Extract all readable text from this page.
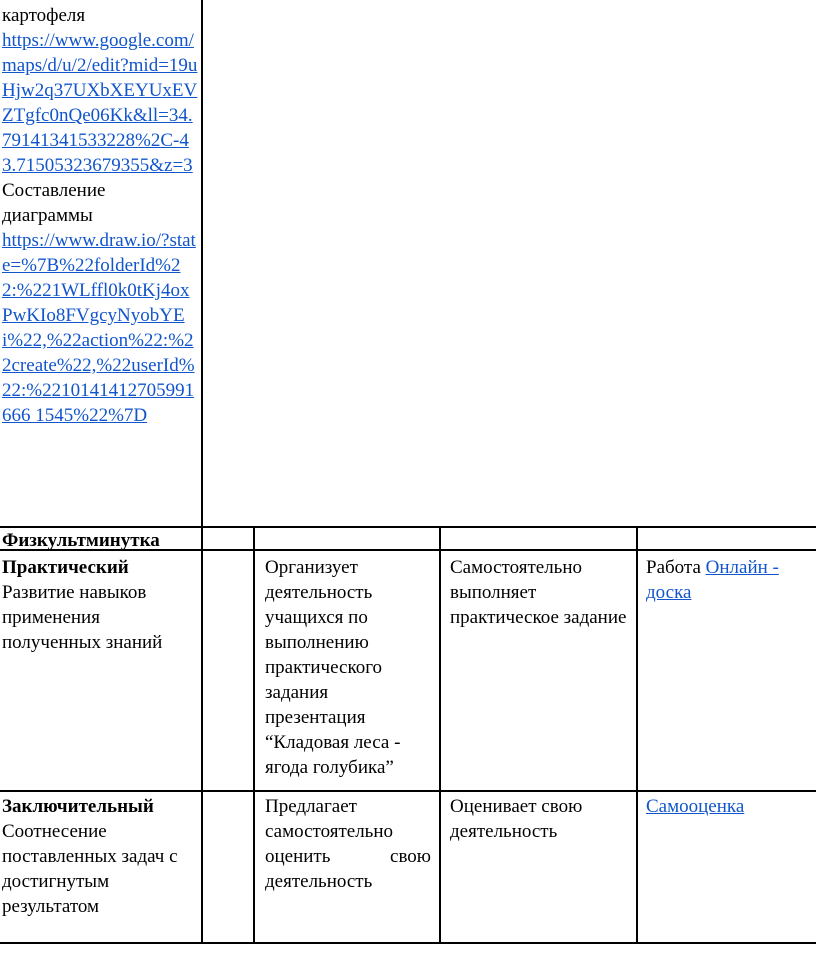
картофеля
https://www.google.com/maps/d/u/2/edit?mid=19uHjw2q37UXbXEYUxEVZTgfc0nQe06Kk&ll=34.79141341533228%2C-43.71505323679355&z=3
Составление диаграммы
https://www.draw.io/?state=%7B%22folderId%22:%221WLffl0k0tKj4oxPwKIo8FVgcyNyobYEi%22,%22action%22:%22create%22,%22userId%22:%2210141412705991666 1545%22%7D
Физкультминутка
Практический
Развитие навыков применения полученных знаний
Организует деятельность учащихся по выполнению практического задания презентация “Кладовая леса - ягода голубика”
Самостоятельно выполняет практическое задание
Работа Онлайн - доска
Заключительный
Соотнесение поставленных задач с достигнутым результатом
Предлагает
самостоятельно
оценить свою
деятельность
Оценивает свою деятельность
Самооценка
